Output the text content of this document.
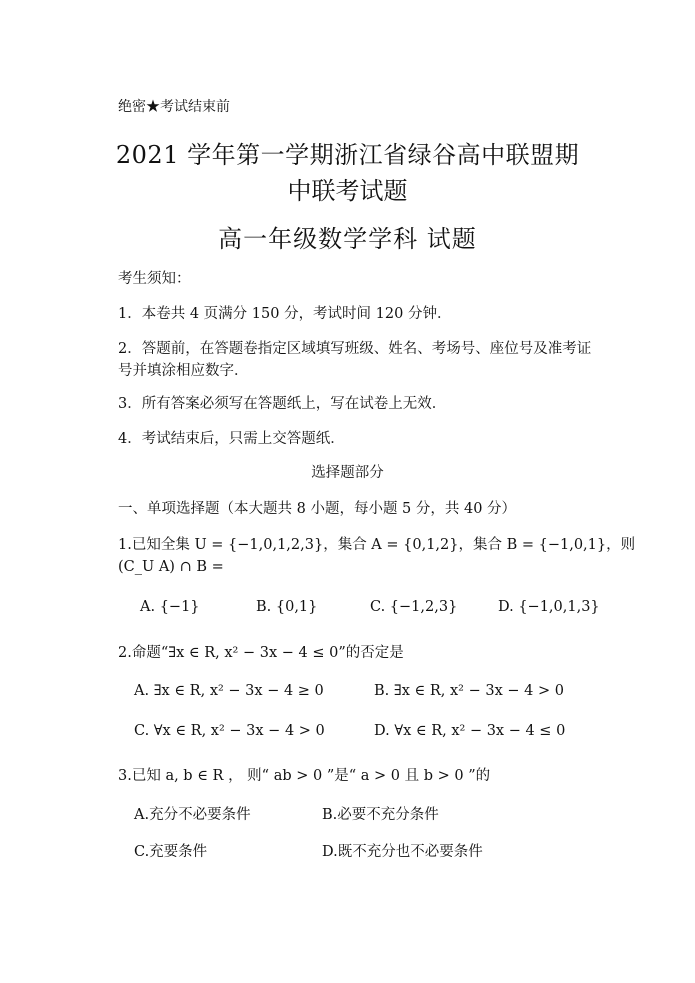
绝密★考试结束前
2021 学年第一学期浙江省绿谷高中联盟期
中联考试题
高一年级数学学科 试题
考生须知：
1．本卷共 4 页满分 150 分，考试时间 120 分钟．
2．答题前，在答题卷指定区域填写班级、姓名、考场号、座位号及准考证
号并填涂相应数字．
3．所有答案必须写在答题纸上，写在试卷上无效．
4．考试结束后，只需上交答题纸．
选择题部分
一、单项选择题（本大题共 8 小题，每小题 5 分，共 40 分）
1.已知全集 U = {−1,0,1,2,3}，集合 A = {0,1,2}，集合 B = {−1,0,1}，则
(C_U A) ∩ B =
A. {−1}	B. {0,1}	C. {−1,2,3}	D. {−1,0,1,3}
2.命题“∃x ∈ R, x² − 3x − 4 ≤ 0”的否定是
A. ∃x ∈ R, x² − 3x − 4 ≥ 0	B. ∃x ∈ R, x² − 3x − 4 > 0
C. ∀x ∈ R, x² − 3x − 4 > 0	D. ∀x ∈ R, x² − 3x − 4 ≤ 0
3.已知 a, b ∈ R ， 则“ ab > 0 ”是“ a > 0 且 b > 0 ”的
A.充分不必要条件	B.必要不充分条件
C.充要条件	D.既不充分也不必要条件
